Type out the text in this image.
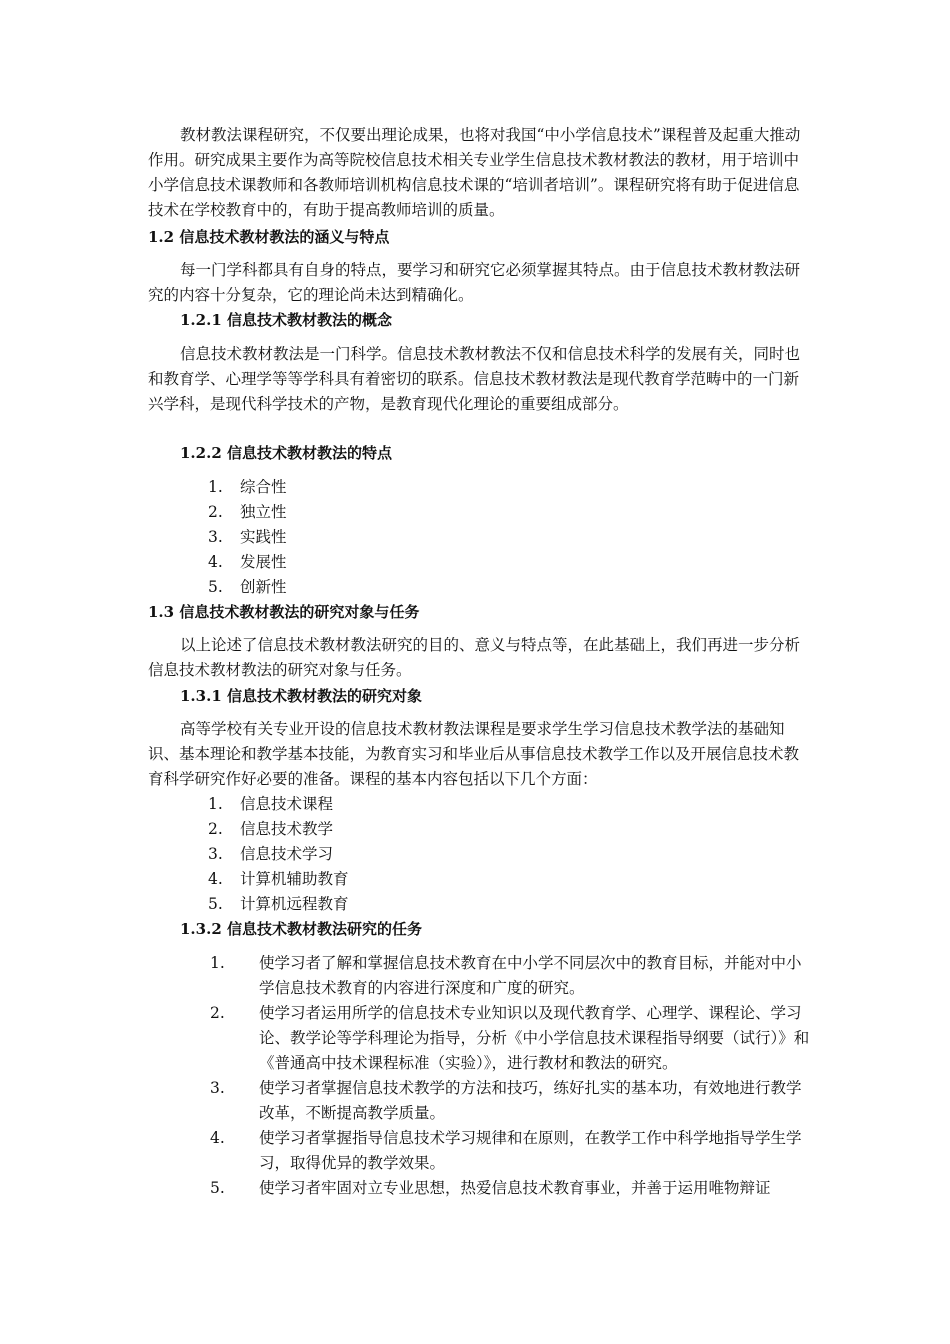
教材教法课程研究，不仅要出理论成果，也将对我国“中小学信息技术”课程普及起重大推动作用。研究成果主要作为高等院校信息技术相关专业学生信息技术教材教法的教材，用于培训中小学信息技术课教师和各教师培训机构信息技术课的“培训者培训”。课程研究将有助于促进信息技术在学校教育中的，有助于提高教师培训的质量。

1.2 信息技术教材教法的涵义与特点

每一门学科都具有自身的特点，要学习和研究它必须掌握其特点。由于信息技术教材教法研究的内容十分复杂，它的理论尚未达到精确化。

1.2.1 信息技术教材教法的概念

信息技术教材教法是一门科学。信息技术教材教法不仅和信息技术科学的发展有关，同时也和教育学、心理学等等学科具有着密切的联系。信息技术教材教法是现代教育学范畴中的一门新兴学科，是现代科学技术的产物，是教育现代化理论的重要组成部分。

1.2.2 信息技术教材教法的特点
1. 综合性
2. 独立性
3. 实践性
4. 发展性
5. 创新性
1.3 信息技术教材教法的研究对象与任务

以上论述了信息技术教材教法研究的目的、意义与特点等，在此基础上，我们再进一步分析信息技术教材教法的研究对象与任务。

1.3.1 信息技术教材教法的研究对象

高等学校有关专业开设的信息技术教材教法课程是要求学生学习信息技术教学法的基础知识、基本理论和教学基本技能，为教育实习和毕业后从事信息技术教学工作以及开展信息技术教育科学研究作好必要的准备。课程的基本内容包括以下几个方面：

1. 信息技术课程
2. 信息技术教学
3. 信息技术学习
4. 计算机辅助教育
5. 计算机远程教育
1.3.2 信息技术教材教法研究的任务
1. 使学习者了解和掌握信息技术教育在中小学不同层次中的教育目标，并能对中小学信息技术教育的内容进行深度和广度的研究。
2. 使学习者运用所学的信息技术专业知识以及现代教育学、心理学、课程论、学习论、教学论等学科理论为指导，分析《中小学信息技术课程指导纲要（试行）》和《普通高中技术课程标准（实验）》，进行教材和教法的研究。
3. 使学习者掌握信息技术教学的方法和技巧，练好扎实的基本功，有效地进行教学改革，不断提高教学质量。
4. 使学习者掌握指导信息技术学习规律和在原则，在教学工作中科学地指导学生学习，取得优异的教学效果。
5. 使学习者牢固对立专业思想，热爱信息技术教育事业，并善于运用唯物辩证
